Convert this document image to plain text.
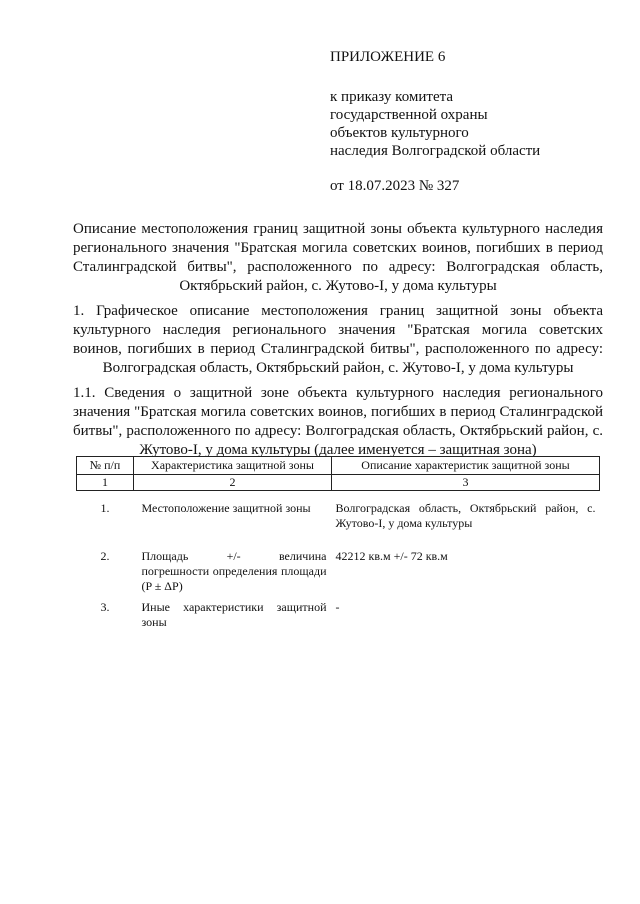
ПРИЛОЖЕНИЕ 6
к приказу комитета
государственной охраны
объектов культурного
наследия Волгоградской области
от 18.07.2023 № 327
Описание местоположения границ защитной зоны объекта культурного наследия регионального значения "Братская могила советских воинов, погибших в период Сталинградской битвы", расположенного по адресу: Волгоградская область, Октябрьский район, с. Жутово-I, у дома культуры
1. Графическое описание местоположения границ защитной зоны объекта культурного наследия регионального значения "Братская могила советских воинов, погибших в период Сталинградской битвы", расположенного по адресу: Волгоградская область, Октябрьский район, с. Жутово-I, у дома культуры
1.1. Сведения о защитной зоне объекта культурного наследия регионального значения "Братская могила советских воинов, погибших в период Сталинградской битвы", расположенного по адресу: Волгоградская область, Октябрьский район, с. Жутово-I, у дома культуры (далее именуется – защитная зона)
№ п/п	Характеристика защитной зоны	Описание характеристик защитной зоны
1	2	3
1.	Местоположение защитной зоны	Волгоградская область, Октябрьский район, с. Жутово-I, у дома культуры
2.	Площадь +/- величина погрешности определения площади (P ± ΔP)	42212 кв.м +/- 72 кв.м
3.	Иные характеристики защитной зоны	-
